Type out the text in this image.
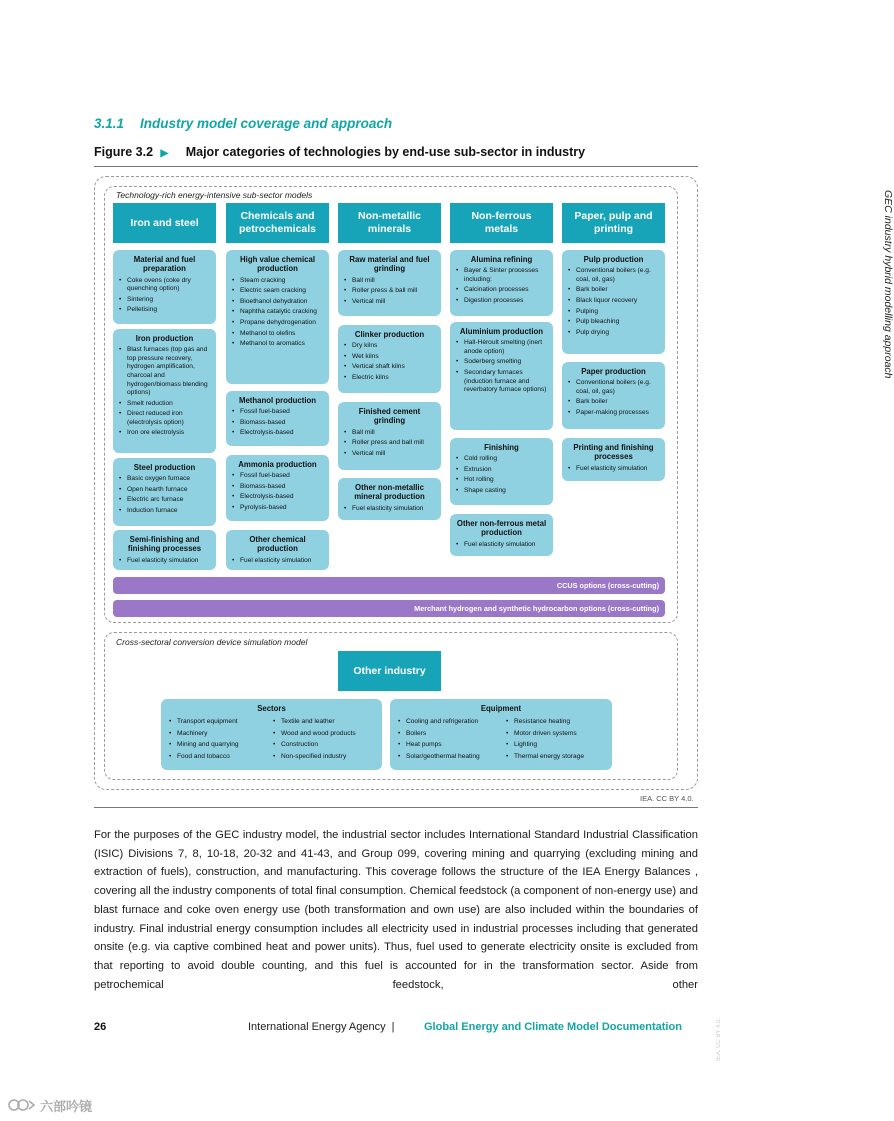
3.1.1 Industry model coverage and approach
Figure 3.2 ▶ Major categories of technologies by end-use sub-sector in industry
Technology-rich energy-intensive sub-sector models	GEC industry hybrid modelling approach
Iron and steel
Chemicals and petrochemicals
Non-metallic minerals
Non-ferrous metals
Paper, pulp and printing
Material and fuel preparation
• Coke ovens (coke dry quenching option)
• Sintering
• Pelletising
Iron production
• Blast furnaces (top gas and top pressure recovery, hydrogen amplification, charcoal and hydrogen/biomass blending options)
• Smelt reduction
• Direct reduced iron (electrolysis option)
• Iron ore electrolysis
Steel production
• Basic oxygen furnace
• Open hearth furnace
• Electric arc furnace
• Induction furnace
Semi-finishing and finishing processes
• Fuel elasticity simulation
High value chemical production
• Steam cracking
• Electric seam cracking
• Bioethanol dehydration
• Naphtha catalytic cracking
• Propane dehydrogenation
• Methanol to olefins
• Methanol to aromatics
Methanol production
• Fossil fuel-based
• Biomass-based
• Electrolysis-based
Ammonia production
• Fossil fuel-based
• Biomass-based
• Electrolysis-based
• Pyrolysis-based
Other chemical production
• Fuel elasticity simulation
Raw material and fuel grinding
• Ball mill
• Roller press & ball mill
• Vertical mill
Clinker production
• Dry kilns
• Wet kilns
• Vertical shaft kilns
• Electric kilns
Finished cement grinding
• Ball mill
• Roller press and ball mill
• Vertical mill
Other non-metallic mineral production
• Fuel elasticity simulation
Alumina refining
• Bayer & Sinter processes including:
• Calcination processes
• Digestion processes
Aluminium production
• Hall-Héroult smelting (inert anode option)
• Soderberg smelting
• Secondary furnaces (induction furnace and reverbatory furnace options)
Finishing
• Cold rolling
• Extrusion
• Hot rolling
• Shape casting
Other non-ferrous metal production
• Fuel elasticity simulation
Pulp production
• Conventional boilers (e.g. coal, oil, gas)
• Bark boiler
• Black liquor recovery
• Pulping
• Pulp bleaching
• Pulp drying
Paper production
• Conventional boilers (e.g. coal, oil, gas)
• Bark boiler
• Paper-making processes
Printing and finishing processes
• Fuel elasticity simulation
CCUS options (cross-cutting)
Merchant hydrogen and synthetic hydrocarbon options (cross-cutting)
Cross-sectoral conversion device simulation model
Other industry
Sectors
• Transport equipment
• Machinery
• Mining and quarrying
• Food and tobacco
• Textile and leather
• Wood and wood products
• Construction
• Non-specified industry
Equipment
• Cooling and refrigeration
• Boilers
• Heat pumps
• Solar/geothermal heating
• Resistance heating
• Motor driven systems
• Lighting
• Thermal energy storage
IEA. CC BY 4.0.

For the purposes of the GEC industry model, the industrial sector includes International Standard Industrial Classification (ISIC) Divisions 7, 8, 10-18, 20-32 and 41-43, and Group 099, covering mining and quarrying (excluding mining and extraction of fuels), construction, and manufacturing. This coverage follows the structure of the IEA Energy Balances , covering all the industry components of total final consumption. Chemical feedstock (a component of non-energy use) and blast furnace and coke oven energy use (both transformation and own use) are also included within the boundaries of industry. Final industrial energy consumption includes all electricity used in industrial processes including that generated onsite (e.g. via captive combined heat and power units). Thus, fuel used to generate electricity onsite is excluded from that reporting to avoid double counting, and this fuel is accounted for in the transformation sector. Aside from petrochemical feedstock, other

26	International Energy Agency |	Global Energy and Climate Model Documentation	IEA. CC BY 4.0.
六部吟镜
